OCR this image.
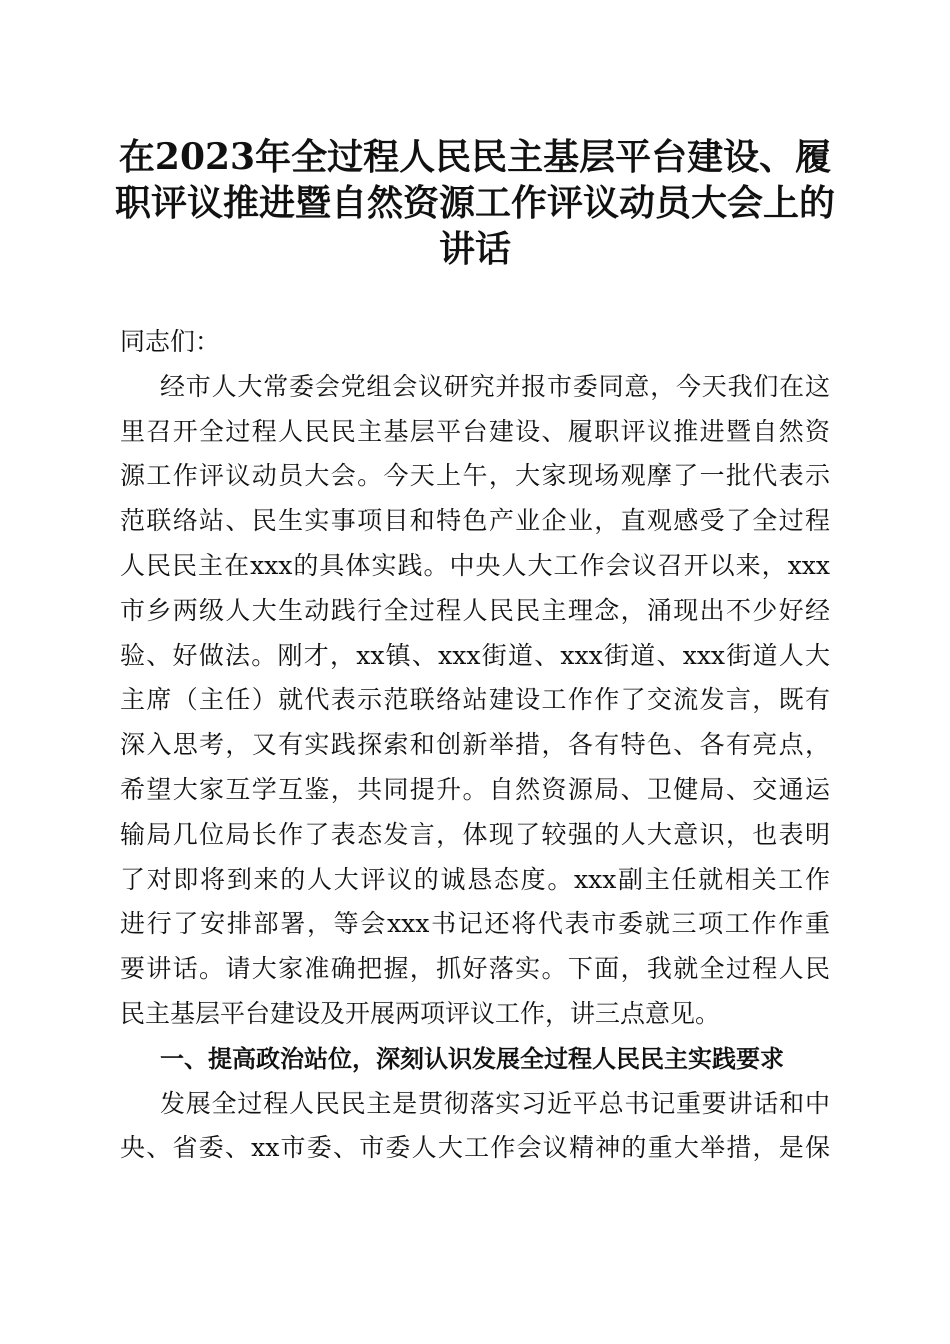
在2023年全过程人民民主基层平台建设、履
职评议推进暨自然资源工作评议动员大会上的
讲话
同志们：
经市人大常委会党组会议研究并报市委同意，今天我们在这
里召开全过程人民民主基层平台建设、履职评议推进暨自然资
源工作评议动员大会。今天上午，大家现场观摩了一批代表示
范联络站、民生实事项目和特色产业企业，直观感受了全过程
人民民主在xxx的具体实践。中央人大工作会议召开以来，xxx
市乡两级人大生动践行全过程人民民主理念，涌现出不少好经
验、好做法。刚才，xx镇、xxx街道、xxx街道、xxx街道人大
主席（主任）就代表示范联络站建设工作作了交流发言，既有
深入思考，又有实践探索和创新举措，各有特色、各有亮点，
希望大家互学互鉴，共同提升。自然资源局、卫健局、交通运
输局几位局长作了表态发言，体现了较强的人大意识，也表明
了对即将到来的人大评议的诚恳态度。xxx副主任就相关工作
进行了安排部署，等会xxx书记还将代表市委就三项工作作重
要讲话。请大家准确把握，抓好落实。下面，我就全过程人民
民主基层平台建设及开展两项评议工作，讲三点意见。
一、提高政治站位，深刻认识发展全过程人民民主实践要求
发展全过程人民民主是贯彻落实习近平总书记重要讲话和中
央、省委、xx市委、市委人大工作会议精神的重大举措，是保
